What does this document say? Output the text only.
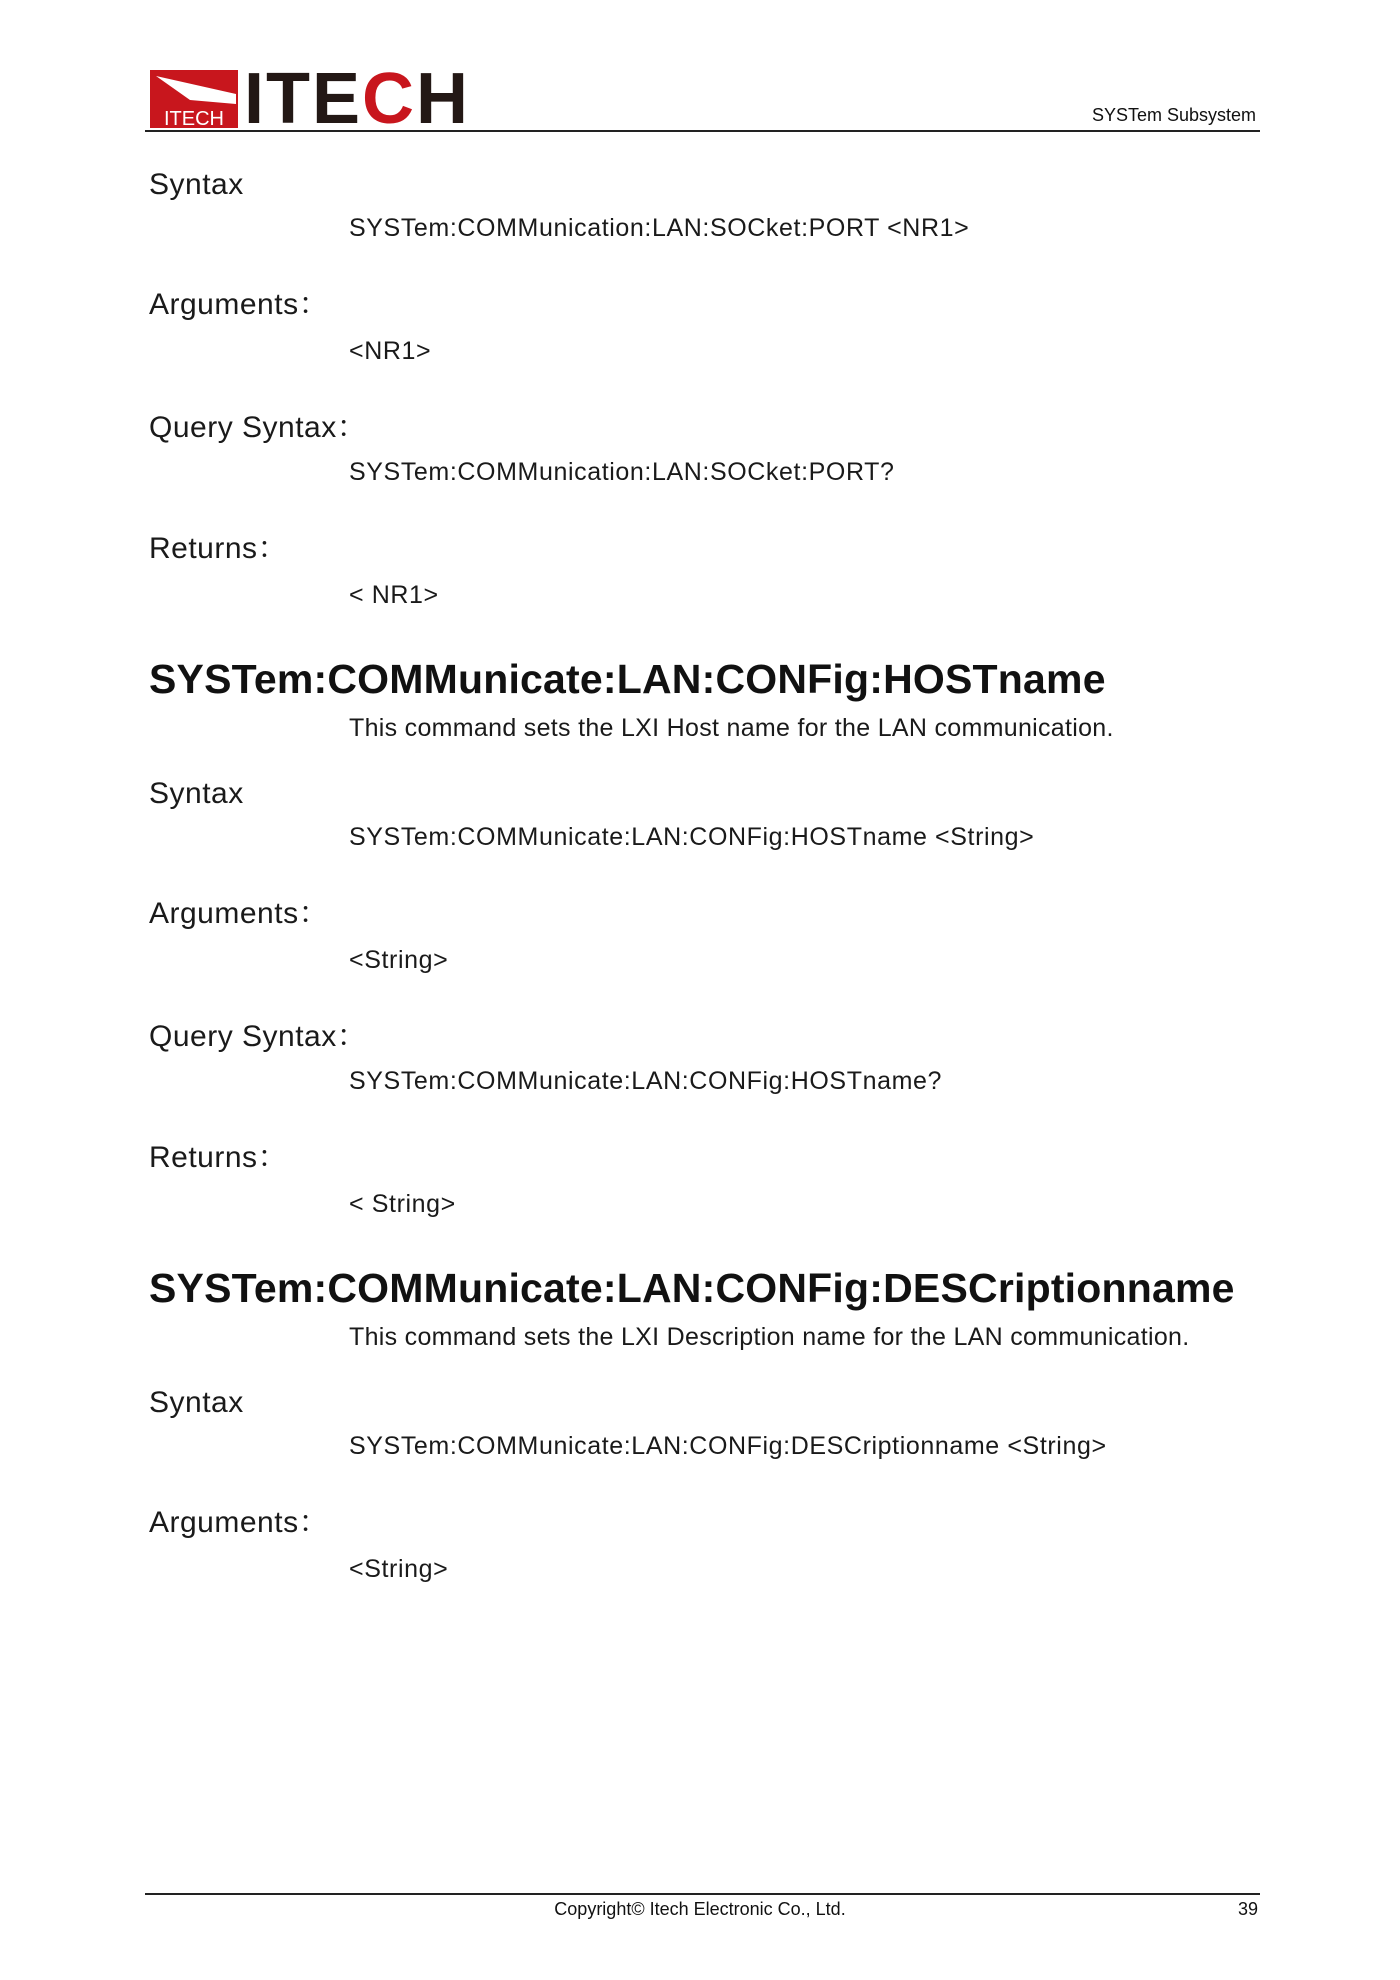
ITECH ITECH	SYSTem Subsystem
Syntax
SYSTem:COMMunication:LAN:SOCket:PORT <NR1>
Arguments：
<NR1>
Query Syntax：
SYSTem:COMMunication:LAN:SOCket:PORT?
Returns：
< NR1>
SYSTem:COMMunicate:LAN:CONFig:HOSTname
This command sets the LXI Host name for the LAN communication.
Syntax
SYSTem:COMMunicate:LAN:CONFig:HOSTname <String>
Arguments：
<String>
Query Syntax：
SYSTem:COMMunicate:LAN:CONFig:HOSTname?
Returns：
< String>
SYSTem:COMMunicate:LAN:CONFig:DESCriptionname
This command sets the LXI Description name for the LAN communication.
Syntax
SYSTem:COMMunicate:LAN:CONFig:DESCriptionname <String>
Arguments：
<String>
Copyright© Itech Electronic Co., Ltd.	39
